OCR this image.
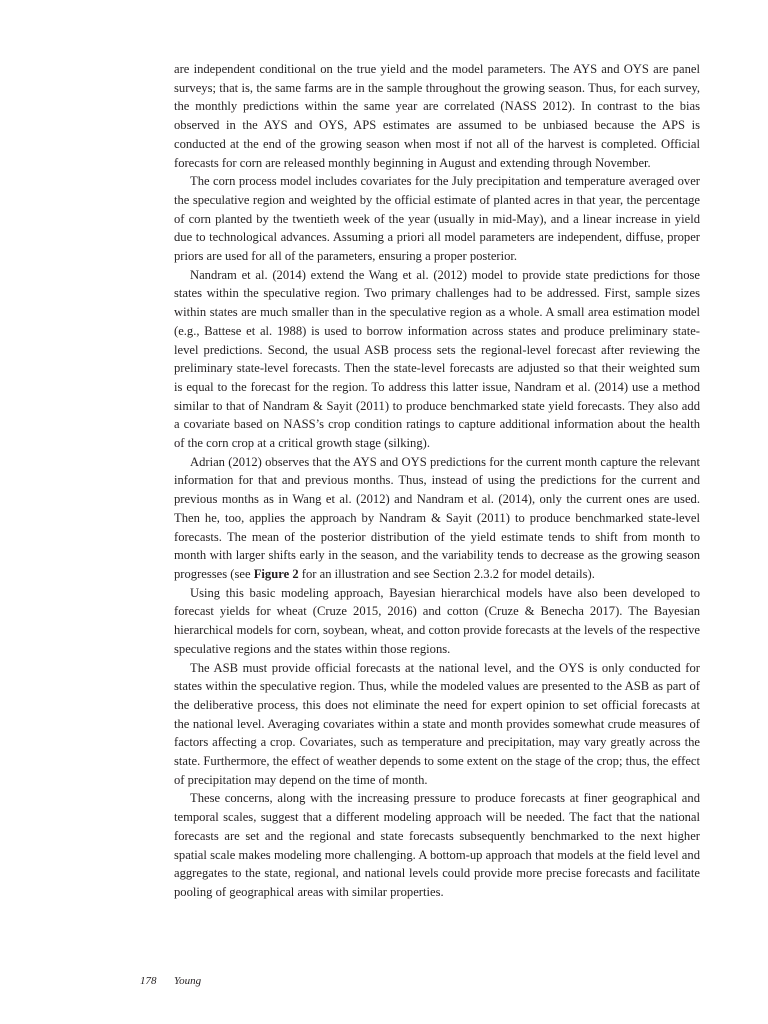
are independent conditional on the true yield and the model parameters. The AYS and OYS are panel surveys; that is, the same farms are in the sample throughout the growing season. Thus, for each survey, the monthly predictions within the same year are correlated (NASS 2012). In contrast to the bias observed in the AYS and OYS, APS estimates are assumed to be unbiased because the APS is conducted at the end of the growing season when most if not all of the harvest is completed. Official forecasts for corn are released monthly beginning in August and extending through November.

The corn process model includes covariates for the July precipitation and temperature averaged over the speculative region and weighted by the official estimate of planted acres in that year, the percentage of corn planted by the twentieth week of the year (usually in mid-May), and a linear increase in yield due to technological advances. Assuming a priori all model parameters are independent, diffuse, proper priors are used for all of the parameters, ensuring a proper posterior.

Nandram et al. (2014) extend the Wang et al. (2012) model to provide state predictions for those states within the speculative region. Two primary challenges had to be addressed. First, sample sizes within states are much smaller than in the speculative region as a whole. A small area estimation model (e.g., Battese et al. 1988) is used to borrow information across states and produce preliminary state-level predictions. Second, the usual ASB process sets the regional-level forecast after reviewing the preliminary state-level forecasts. Then the state-level forecasts are adjusted so that their weighted sum is equal to the forecast for the region. To address this latter issue, Nandram et al. (2014) use a method similar to that of Nandram & Sayit (2011) to produce benchmarked state yield forecasts. They also add a covariate based on NASS’s crop condition ratings to capture additional information about the health of the corn crop at a critical growth stage (silking).

Adrian (2012) observes that the AYS and OYS predictions for the current month capture the relevant information for that and previous months. Thus, instead of using the predictions for the current and previous months as in Wang et al. (2012) and Nandram et al. (2014), only the current ones are used. Then he, too, applies the approach by Nandram & Sayit (2011) to produce benchmarked state-level forecasts. The mean of the posterior distribution of the yield estimate tends to shift from month to month with larger shifts early in the season, and the variability tends to decrease as the growing season progresses (see Figure 2 for an illustration and see Section 2.3.2 for model details).

Using this basic modeling approach, Bayesian hierarchical models have also been developed to forecast yields for wheat (Cruze 2015, 2016) and cotton (Cruze & Benecha 2017). The Bayesian hierarchical models for corn, soybean, wheat, and cotton provide forecasts at the levels of the respective speculative regions and the states within those regions.

The ASB must provide official forecasts at the national level, and the OYS is only conducted for states within the speculative region. Thus, while the modeled values are presented to the ASB as part of the deliberative process, this does not eliminate the need for expert opinion to set official forecasts at the national level. Averaging covariates within a state and month provides somewhat crude measures of factors affecting a crop. Covariates, such as temperature and precipitation, may vary greatly across the state. Furthermore, the effect of weather depends to some extent on the stage of the crop; thus, the effect of precipitation may depend on the time of month.

These concerns, along with the increasing pressure to produce forecasts at finer geographical and temporal scales, suggest that a different modeling approach will be needed. The fact that the national forecasts are set and the regional and state forecasts subsequently benchmarked to the next higher spatial scale makes modeling more challenging. A bottom-up approach that models at the field level and aggregates to the state, regional, and national levels could provide more precise forecasts and facilitate pooling of geographical areas with similar properties.

178 Young
